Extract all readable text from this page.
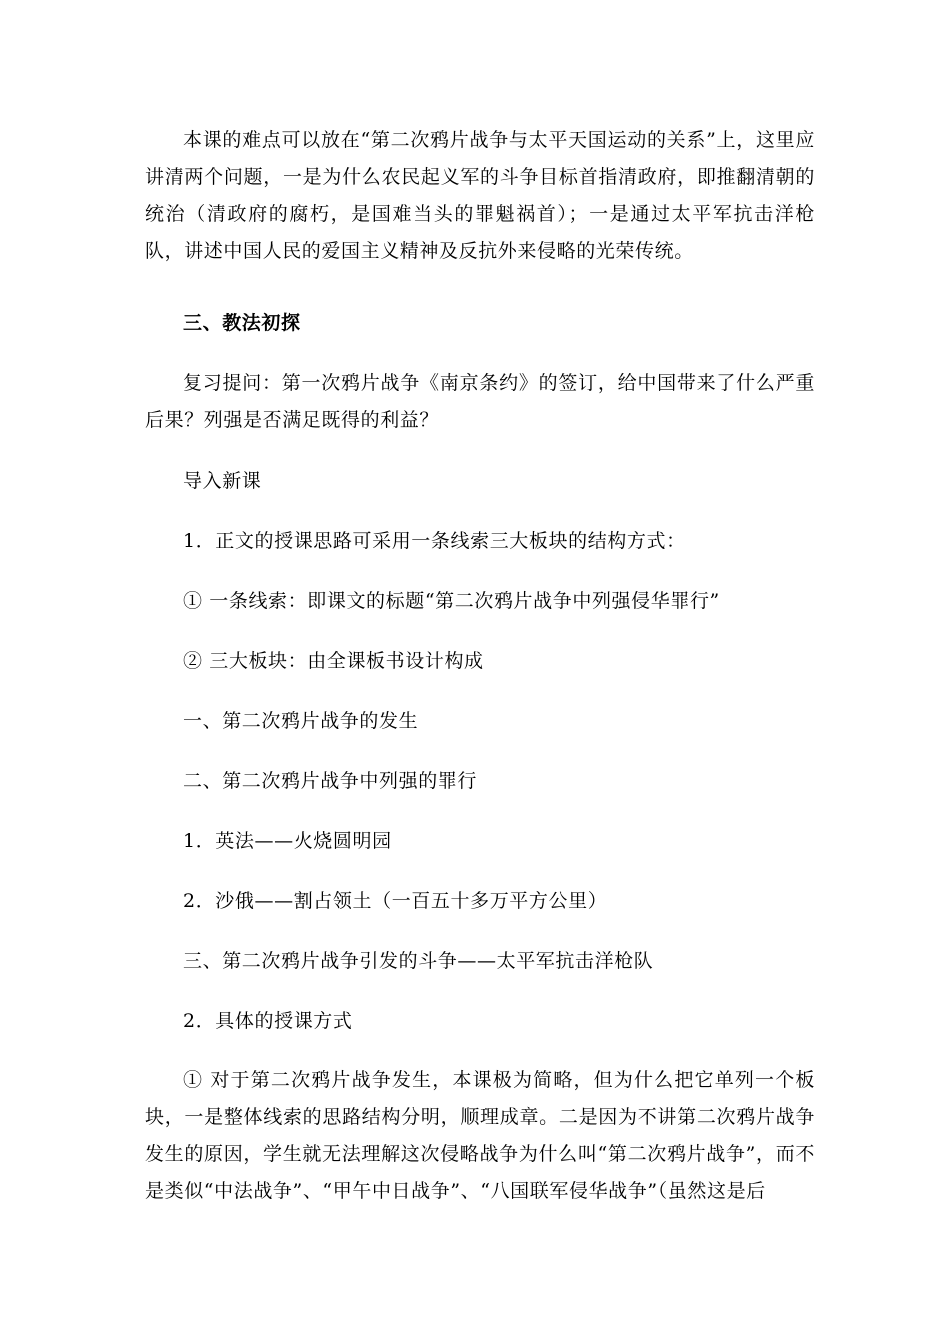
本课的难点可以放在“第二次鸦片战争与太平天国运动的关系”上，这里应讲清两个问题，一是为什么农民起义军的斗争目标首指清政府，即推翻清朝的统治（清政府的腐朽，是国难当头的罪魁祸首）；一是通过太平军抗击洋枪队，讲述中国人民的爱国主义精神及反抗外来侵略的光荣传统。

三、教法初探

复习提问：第一次鸦片战争《南京条约》的签订，给中国带来了什么严重后果？列强是否满足既得的利益？

导入新课

1．正文的授课思路可采用一条线索三大板块的结构方式：

① 一条线索：即课文的标题“第二次鸦片战争中列强侵华罪行”

② 三大板块：由全课板书设计构成

一、第二次鸦片战争的发生

二、第二次鸦片战争中列强的罪行

1．英法——火烧圆明园

2．沙俄——割占领土（一百五十多万平方公里）

三、第二次鸦片战争引发的斗争——太平军抗击洋枪队

2．具体的授课方式

① 对于第二次鸦片战争发生，本课极为简略，但为什么把它单列一个板块，一是整体线索的思路结构分明，顺理成章。二是因为不讲第二次鸦片战争发生的原因，学生就无法理解这次侵略战争为什么叫“第二次鸦片战争”，而不是类似“中法战争”、“甲午中日战争”、“八国联军侵华战争”（虽然这是后
